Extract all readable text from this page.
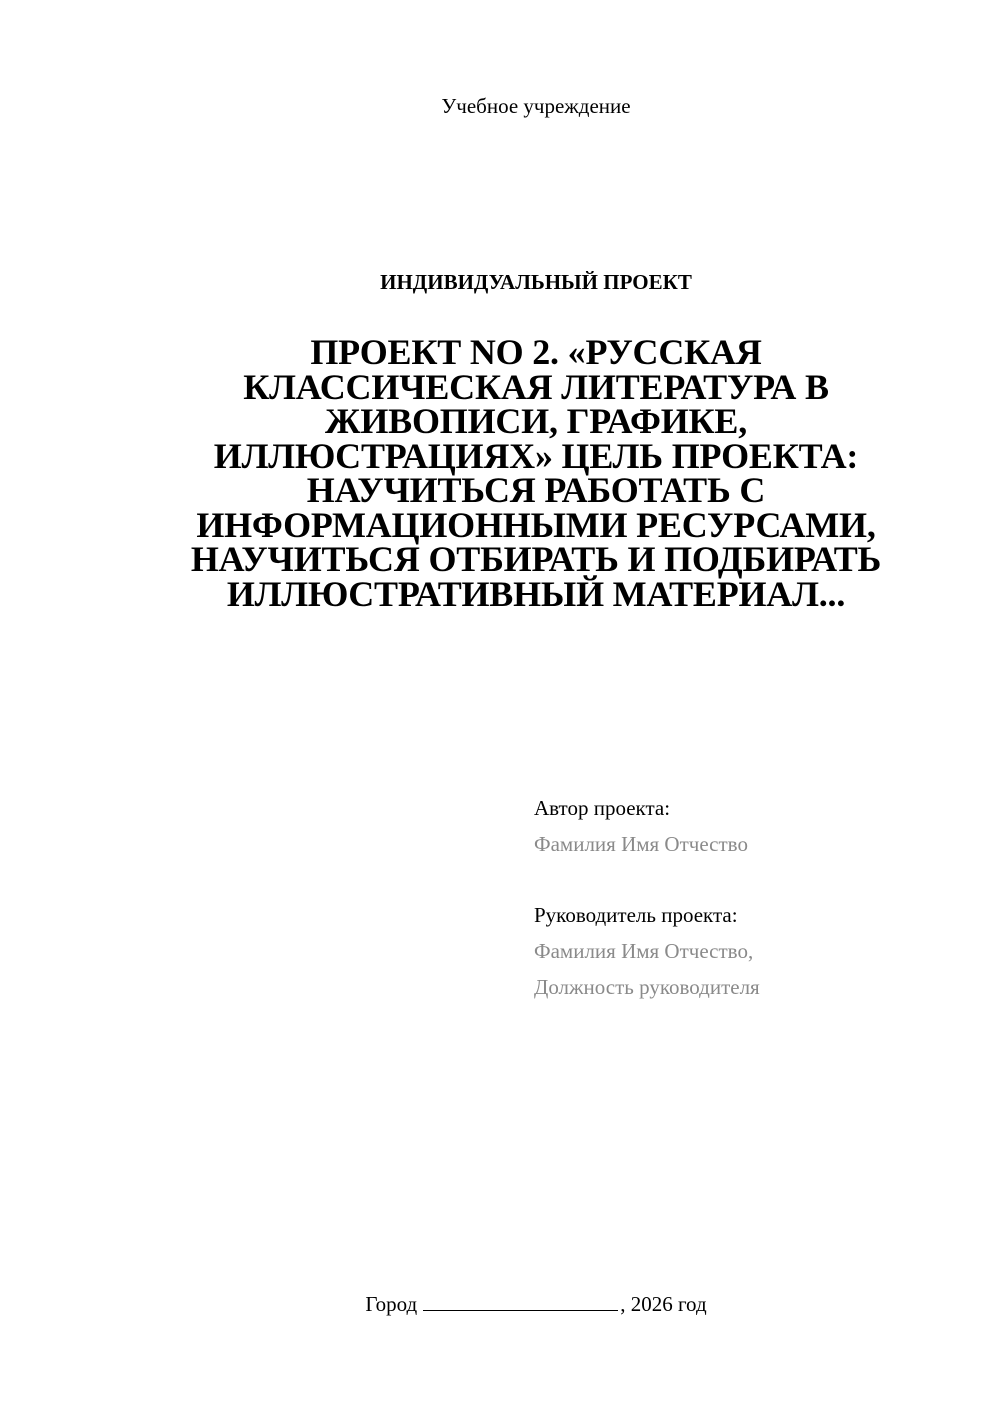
Учебное учреждение
ИНДИВИДУАЛЬНЫЙ ПРОЕКТ
ПРОЕКТ NO 2. «РУССКАЯ
КЛАССИЧЕСКАЯ ЛИТЕРАТУРА В
ЖИВОПИСИ, ГРАФИКЕ,
ИЛЛЮСТРАЦИЯХ» ЦЕЛЬ ПРОЕКТА:
НАУЧИТЬСЯ РАБОТАТЬ С
ИНФОРМАЦИОННЫМИ РЕСУРСАМИ,
НАУЧИТЬСЯ ОТБИРАТЬ И ПОДБИРАТЬ
ИЛЛЮСТРАТИВНЫЙ МАТЕРИАЛ...
Автор проекта:
Фамилия Имя Отчество
Руководитель проекта:
Фамилия Имя Отчество,
Должность руководителя
Город	, 2026 год
